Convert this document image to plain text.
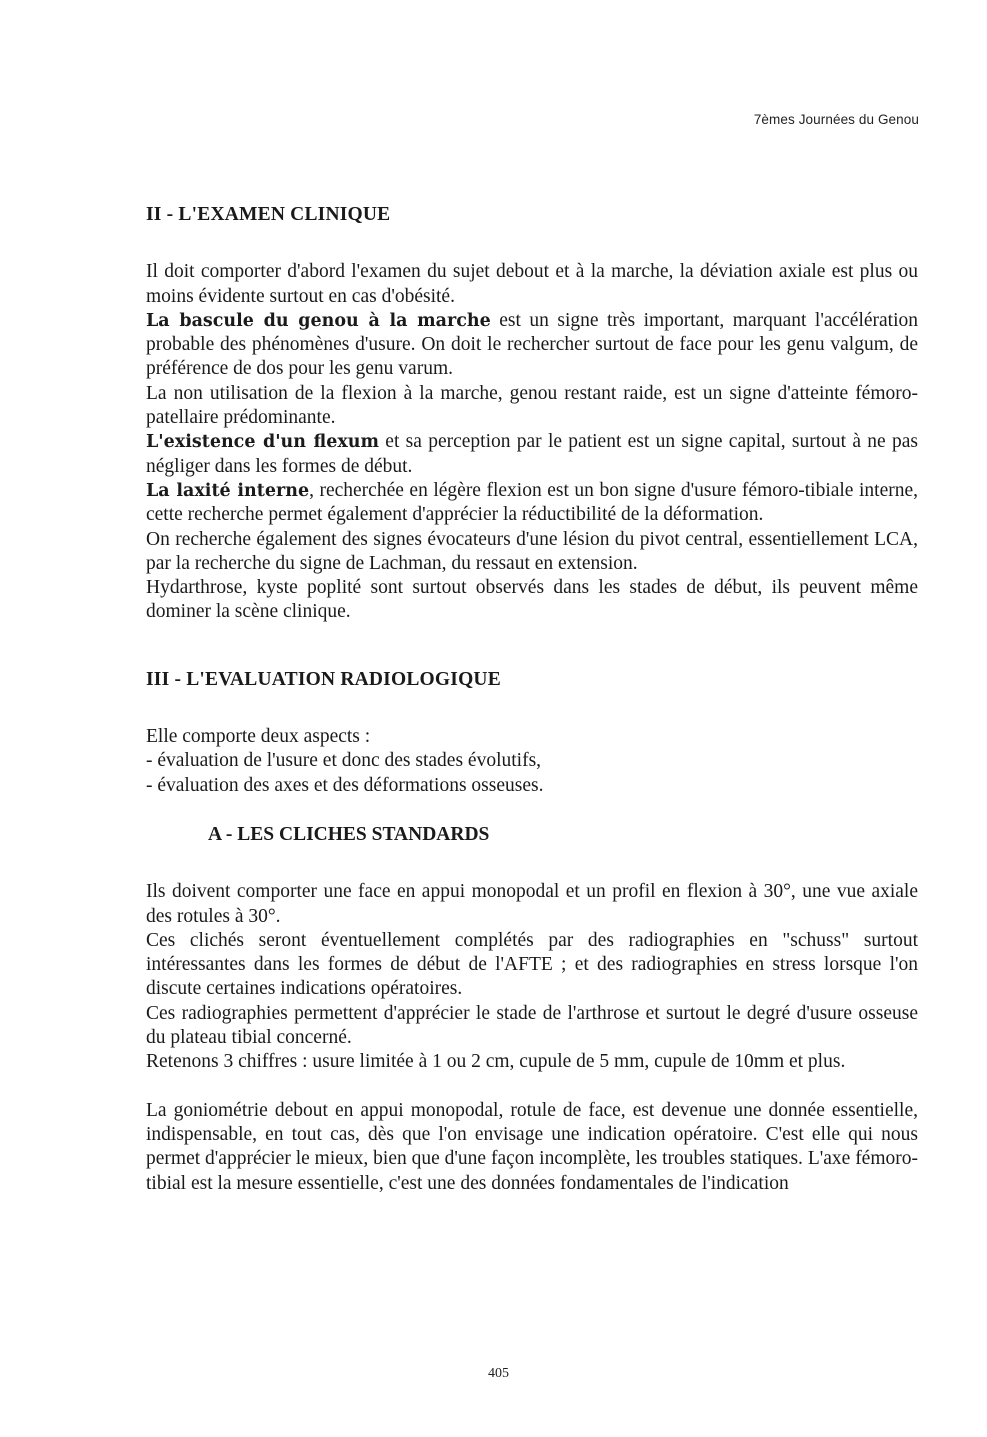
7èmes Journées du Genou
II - L'EXAMEN CLINIQUE

Il doit comporter d'abord l'examen du sujet debout et à la marche, la déviation axiale est plus ou moins évidente surtout en cas d'obésité.

La bascule du genou à la marche est un signe très important, marquant l'accélération probable des phénomènes d'usure. On doit le rechercher surtout de face pour les genu valgum, de préférence de dos pour les genu varum.

La non utilisation de la flexion à la marche, genou restant raide, est un signe d'atteinte fémoro-patellaire prédominante.

L'existence d'un flexum et sa perception par le patient est un signe capital, surtout à ne pas négliger dans les formes de début.

La laxité interne, recherchée en légère flexion est un bon signe d'usure fémoro-tibiale interne, cette recherche permet également d'apprécier la réductibilité de la déformation.

On recherche également des signes évocateurs d'une lésion du pivot central, essentiellement LCA, par la recherche du signe de Lachman, du ressaut en extension.

Hydarthrose, kyste poplité sont surtout observés dans les stades de début, ils peuvent même dominer la scène clinique.

III - L'EVALUATION RADIOLOGIQUE

Elle comporte deux aspects :

- évaluation de l'usure et donc des stades évolutifs,

- évaluation des axes et des déformations osseuses.

A - LES CLICHES STANDARDS

Ils doivent comporter une face en appui monopodal et un profil en flexion à 30°, une vue axiale des rotules à 30°.

Ces clichés seront éventuellement complétés par des radiographies en "schuss" surtout intéressantes dans les formes de début de l'AFTE ; et des radiographies en stress lorsque l'on discute certaines indications opératoires.

Ces radiographies permettent d'apprécier le stade de l'arthrose et surtout le degré d'usure osseuse du plateau tibial concerné.

Retenons 3 chiffres : usure limitée à 1 ou 2 cm, cupule de 5 mm, cupule de 10mm et plus.

La goniométrie debout en appui monopodal, rotule de face, est devenue une donnée essentielle, indispensable, en tout cas, dès que l'on envisage une indication opératoire. C'est elle qui nous permet d'apprécier le mieux, bien que d'une façon incomplète, les troubles statiques. L'axe fémoro-tibial est la mesure essentielle, c'est une des données fondamentales de l'indication

405
